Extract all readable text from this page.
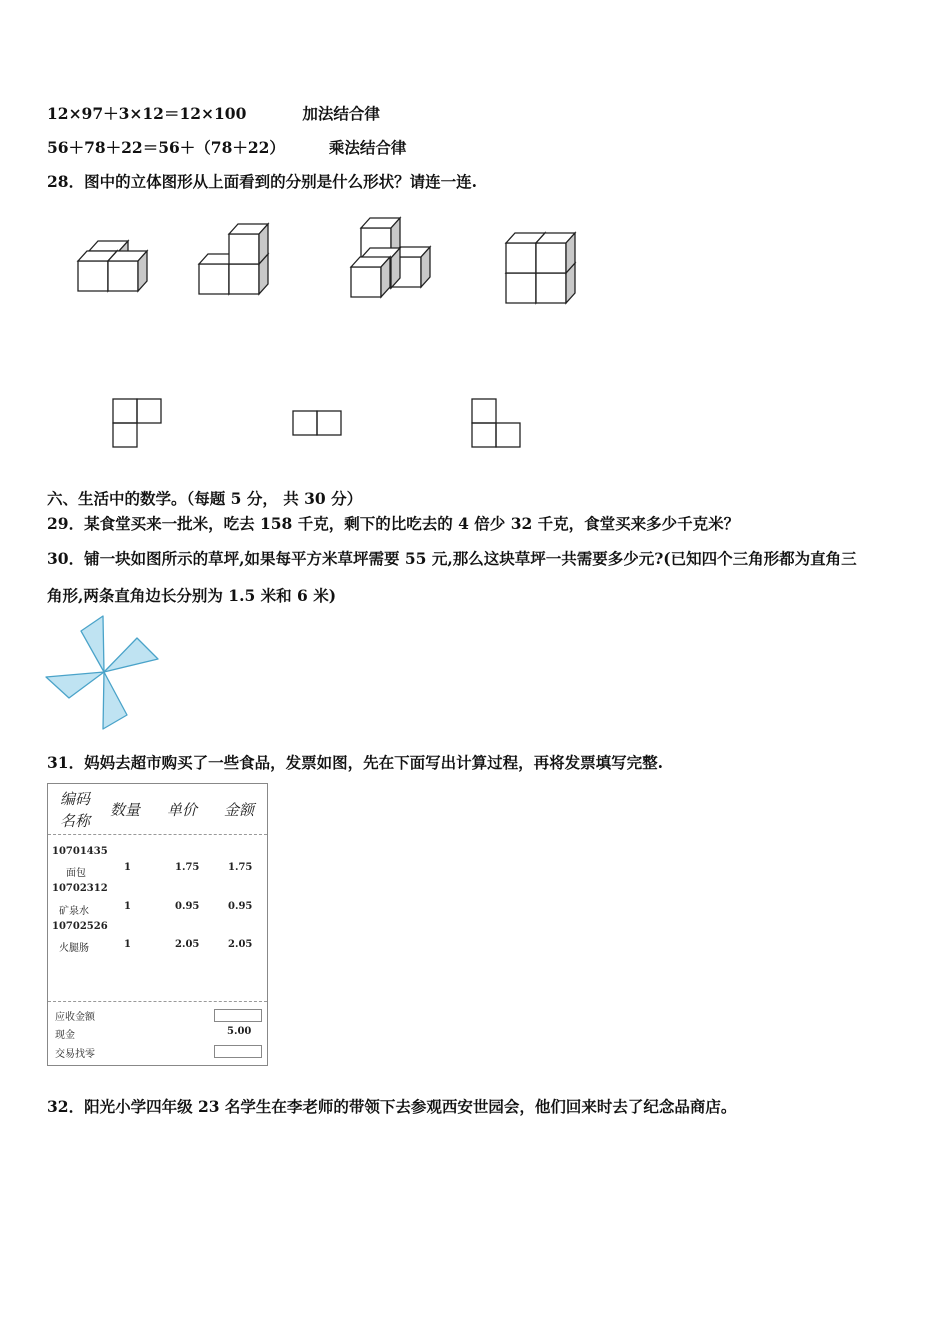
12×97＋3×12＝12×100	加法结合律
56＋78＋22＝56＋（78＋22）	乘法结合律
28．图中的立体图形从上面看到的分别是什么形状？请连一连.
六、生活中的数学。（每题 5 分， 共 30 分）
29．某食堂买来一批米，吃去 158 千克，剩下的比吃去的 4 倍少 32 千克，食堂买来多少千克米？
30．铺一块如图所示的草坪,如果每平方米草坪需要 55 元,那么这块草坪一共需要多少元?(已知四个三角形都为直角三
角形,两条直角边长分别为 1.5 米和 6 米)
31．妈妈去超市购买了一些食品，发票如图，先在下面写出计算过程，再将发票填写完整.
编码
名称
数量 单价 金额
10701435
面包
1	1.75	1.75
10702312
矿泉水	1	0.95	0.95
10702526
火腿肠	1	2.05	2.05
应收金额
现金	5.00
交易找零
32．阳光小学四年级 23 名学生在李老师的带领下去参观西安世园会，他们回来时去了纪念品商店。
